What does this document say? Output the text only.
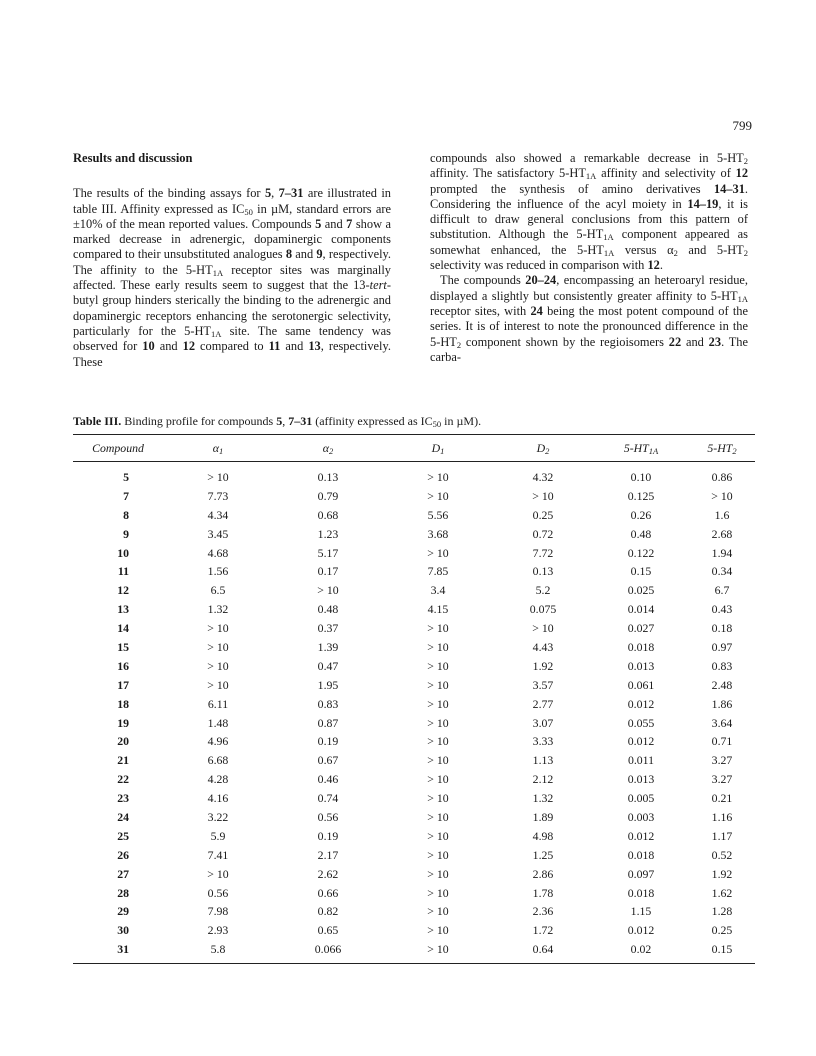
799
Results and discussion

The results of the binding assays for 5, 7–31 are illustrated in table III. Affinity expressed as $IC_{50}$ in µM, standard errors are ±10% of the mean reported values. Compounds 5 and 7 show a marked decrease in adrenergic, dopaminergic components compared to their unsubstituted analogues 8 and 9, respectively. The affinity to the $5-HT_{1A}$ receptor sites was marginally affected. These early results seem to suggest that the 13-tert-butyl group hinders sterically the binding to the adrenergic and dopaminergic receptors enhancing the serotonergic selectivity, particularly for the $5-HT_{1A}$ site. The same tendency was observed for 10 and 12 compared to 11 and 13, respectively. These

compounds also showed a remarkable decrease in $5-HT_2$ affinity. The satisfactory $5-HT_{1A}$ affinity and selectivity of 12 prompted the synthesis of amino derivatives 14–31. Considering the influence of the acyl moiety in 14–19, it is difficult to draw general conclusions from this pattern of substitution. Although the $5-HT_{1A}$ component appeared as somewhat enhanced, the $5-HT_{1A}$ versus $\alpha_2$ and $5-HT_2$ selectivity was reduced in comparison with 12.

The compounds 20–24, encompassing an heteroaryl residue, displayed a slightly but consistently greater affinity to $5-HT_{1A}$ receptor sites, with 24 being the most potent compound of the series. It is of interest to note the pronounced difference in the $5-HT_2$ component shown by the regioisomers 22 and 23. The carba-

Table III. Binding profile for compounds 5, 7–31 (affinity expressed as $IC_{50}$ in µM).
Compound	$\alpha_1$	$\alpha_2$	$D_1$	$D_2$	$5-HT_{1A}$	$5-HT_2$
5	> 10	0.13	> 10	4.32	0.10	0.86
7	7.73	0.79	> 10	> 10	0.125	> 10
8	4.34	0.68	5.56	0.25	0.26	1.6
9	3.45	1.23	3.68	0.72	0.48	2.68
10	4.68	5.17	> 10	7.72	0.122	1.94
11	1.56	0.17	7.85	0.13	0.15	0.34
12	6.5	> 10	3.4	5.2	0.025	6.7
13	1.32	0.48	4.15	0.075	0.014	0.43
14	> 10	0.37	> 10	> 10	0.027	0.18
15	> 10	1.39	> 10	4.43	0.018	0.97
16	> 10	0.47	> 10	1.92	0.013	0.83
17	> 10	1.95	> 10	3.57	0.061	2.48
18	6.11	0.83	> 10	2.77	0.012	1.86
19	1.48	0.87	> 10	3.07	0.055	3.64
20	4.96	0.19	> 10	3.33	0.012	0.71
21	6.68	0.67	> 10	1.13	0.011	3.27
22	4.28	0.46	> 10	2.12	0.013	3.27
23	4.16	0.74	> 10	1.32	0.005	0.21
24	3.22	0.56	> 10	1.89	0.003	1.16
25	5.9	0.19	> 10	4.98	0.012	1.17
26	7.41	2.17	> 10	1.25	0.018	0.52
27	> 10	2.62	> 10	2.86	0.097	1.92
28	0.56	0.66	> 10	1.78	0.018	1.62
29	7.98	0.82	> 10	2.36	1.15	1.28
30	2.93	0.65	> 10	1.72	0.012	0.25
31	5.8	0.066	> 10	0.64	0.02	0.15
